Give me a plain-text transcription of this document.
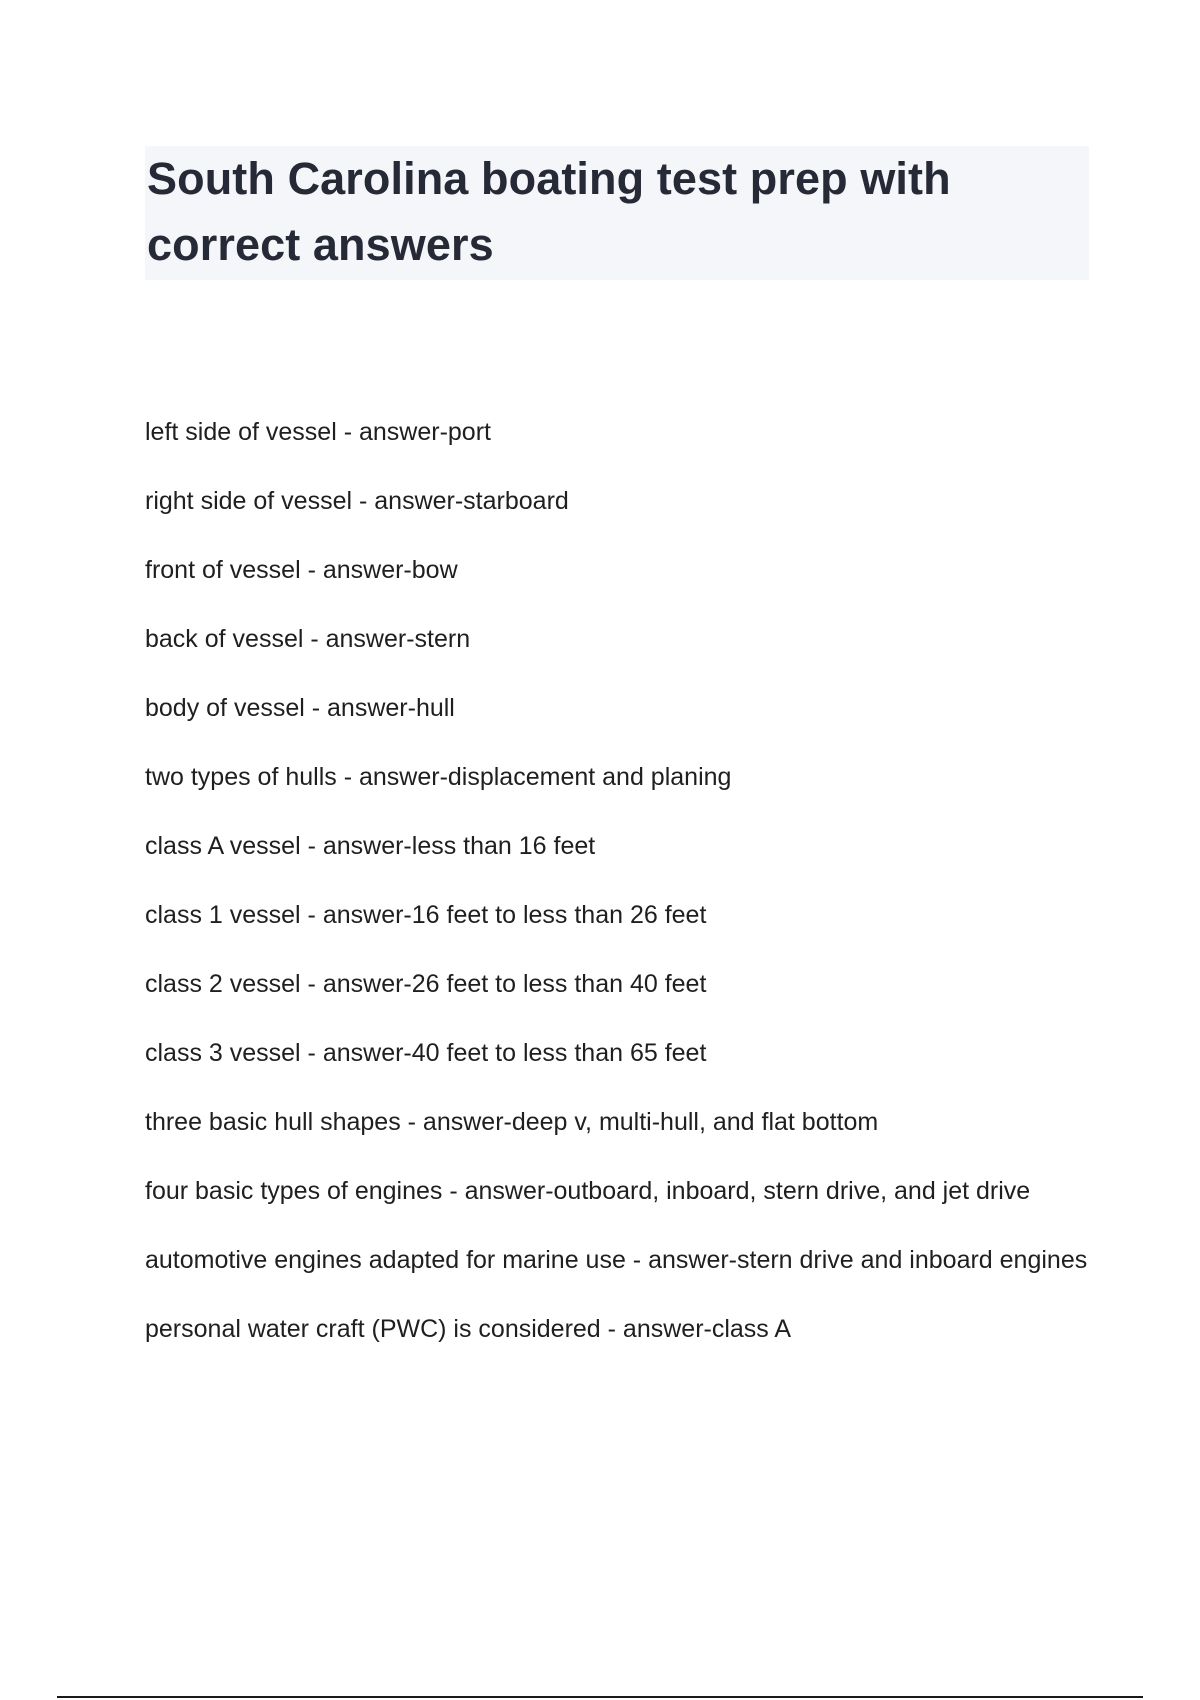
South Carolina boating test prep with correct answers
left side of vessel - answer-port
right side of vessel - answer-starboard
front of vessel - answer-bow
back of vessel - answer-stern
body of vessel - answer-hull
two types of hulls - answer-displacement and planing
class A vessel - answer-less than 16 feet
class 1 vessel - answer-16 feet to less than 26 feet
class 2 vessel - answer-26 feet to less than 40 feet
class 3 vessel - answer-40 feet to less than 65 feet
three basic hull shapes - answer-deep v, multi-hull, and flat bottom
four basic types of engines - answer-outboard, inboard, stern drive, and jet drive
automotive engines adapted for marine use - answer-stern drive and inboard engines
personal water craft (PWC) is considered - answer-class A
